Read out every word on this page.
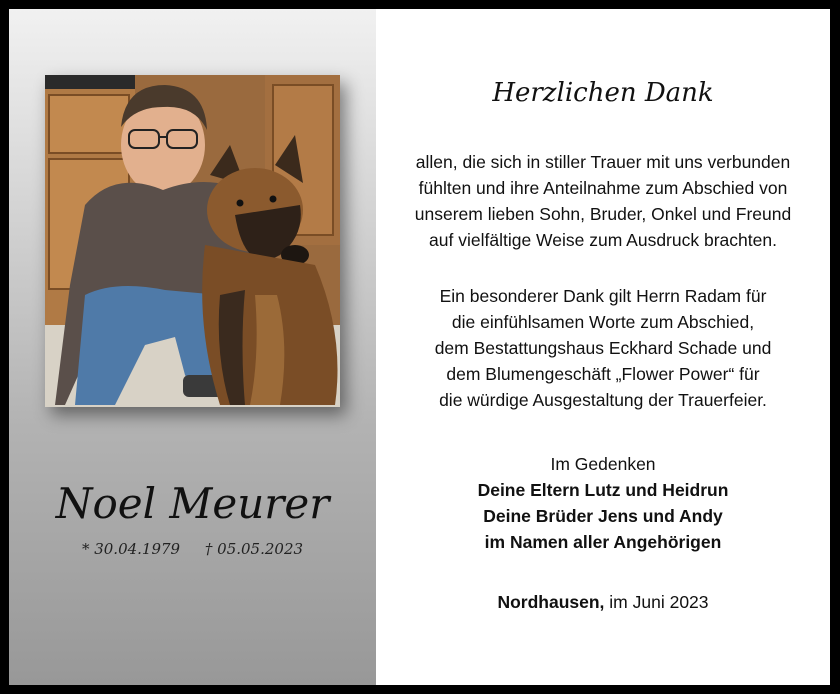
Noel Meurer
* 30.04.1979 † 05.05.2023
Herzlichen Dank
allen, die sich in stiller Trauer mit uns verbunden
fühlten und ihre Anteilnahme zum Abschied von
unserem lieben Sohn, Bruder, Onkel und Freund
auf vielfältige Weise zum Ausdruck brachten.
Ein besonderer Dank gilt Herrn Radam für
die einfühlsamen Worte zum Abschied,
dem Bestattungshaus Eckhard Schade und
dem Blumengeschäft „Flower Power“ für
die würdige Ausgestaltung der Trauerfeier.
Im Gedenken
Deine Eltern Lutz und Heidrun
Deine Brüder Jens und Andy
im Namen aller Angehörigen
Nordhausen, im Juni 2023
